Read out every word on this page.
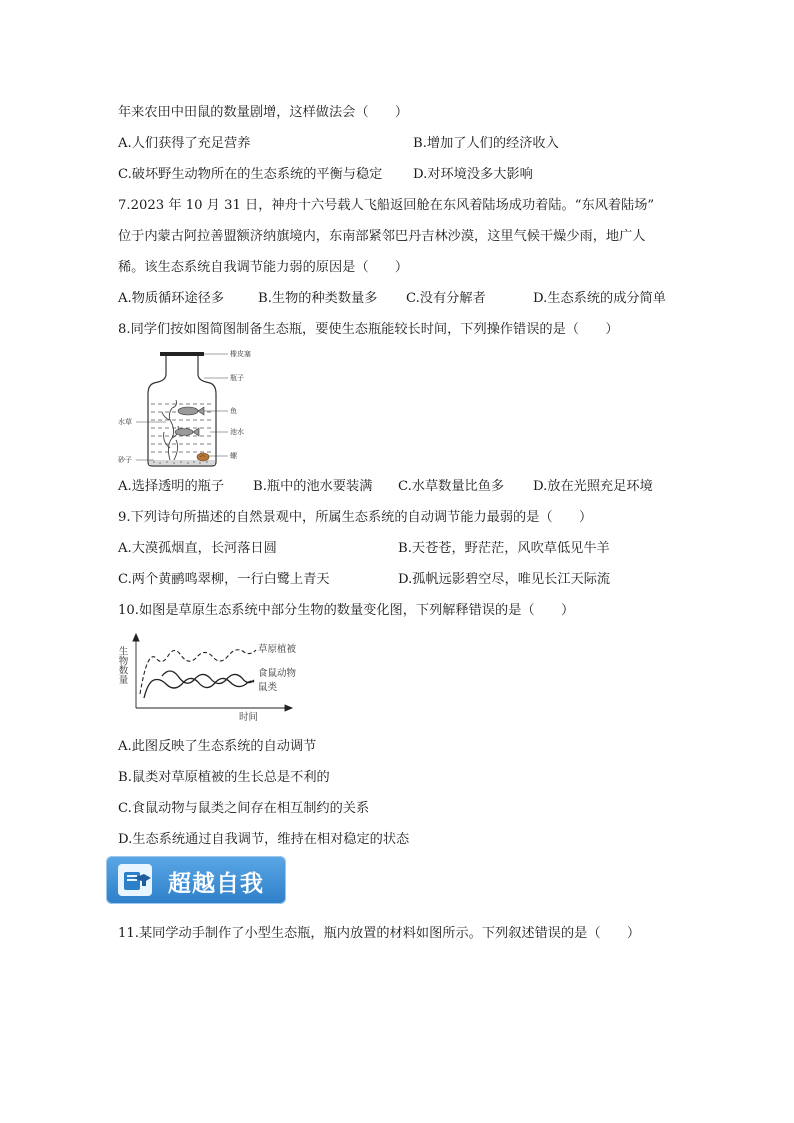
年来农田中田鼠的数量剧增，这样做法会（　　）
A.人们获得了充足营养	B.增加了人们的经济收入
C.破坏野生动物所在的生态系统的平衡与稳定 D.对环境没多大影响
7.2023 年 10 月 31 日，神舟十六号载人飞船返回舱在东风着陆场成功着陆。“东风着陆场”
位于内蒙古阿拉善盟额济纳旗境内，东南部紧邻巴丹吉林沙漠，这里气候干燥少雨，地广人
稀。该生态系统自我调节能力弱的原因是（　　）
A.物质循环途径多	B.生物的种类数量多 C.没有分解者	D.生态系统的成分简单
8.同学们按如图简图制备生态瓶，要使生态瓶能较长时间，下列操作错误的是（　　）
橡皮塞
瓶子
鱼
池水
螺
水草
砂子
A.选择透明的瓶子 B.瓶中的池水要装满 C.水草数量比鱼多 D.放在光照充足环境
9.下列诗句所描述的自然景观中，所属生态系统的自动调节能力最弱的是（　　）
A.大漠孤烟直，长河落日圆	B.天苍苍，野茫茫，风吹草低见牛羊
C.两个黄鹂鸣翠柳，一行白鹭上青天	D.孤帆远影碧空尽，唯见长江天际流
10.如图是草原生态系统中部分生物的数量变化图，下列解释错误的是（　　）
生物数量
时间
草原植被
食鼠动物
鼠类
A.此图反映了生态系统的自动调节
B.鼠类对草原植被的生长总是不利的
C.食鼠动物与鼠类之间存在相互制约的关系
D.生态系统通过自我调节，维持在相对稳定的状态
超越自我
11.某同学动手制作了小型生态瓶，瓶内放置的材料如图所示。下列叙述错误的是（　　）
